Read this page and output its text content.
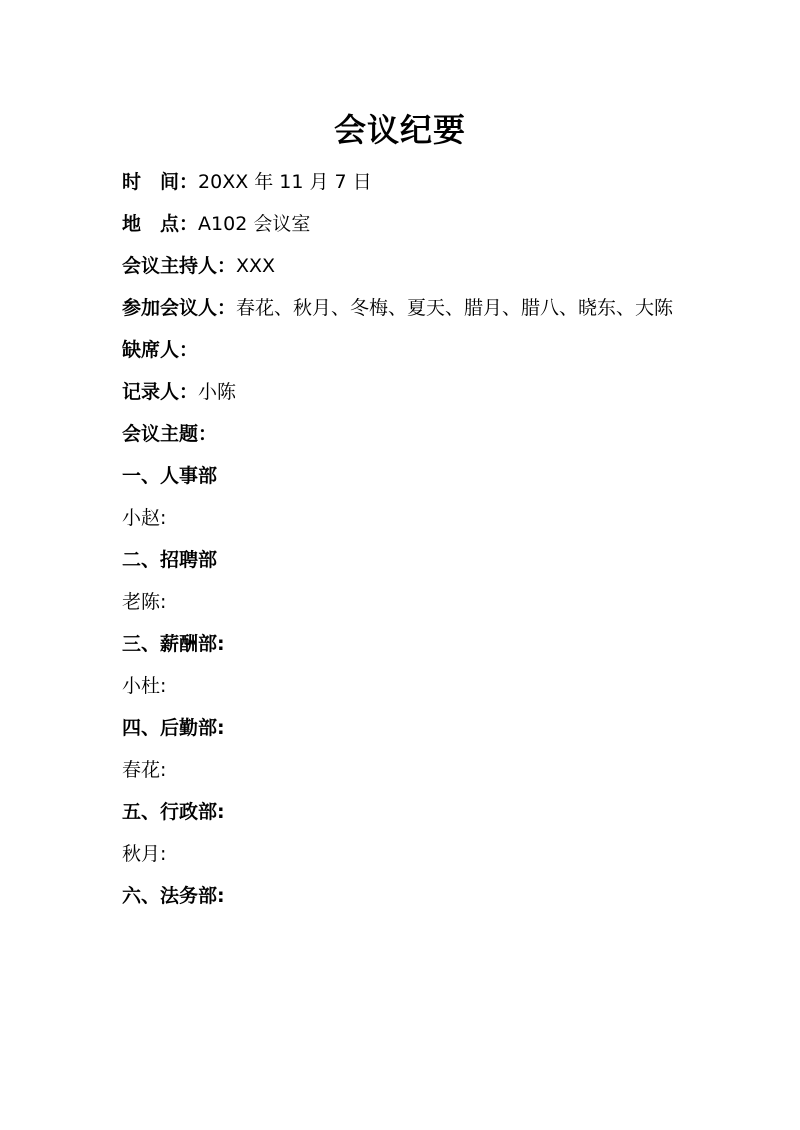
会议纪要
时　间：20XX 年 11 月 7 日
地　点：A102 会议室
会议主持人：XXX
参加会议人：春花、秋月、冬梅、夏天、腊月、腊八、晓东、大陈
缺席人：
记录人：小陈
会议主题：
一、人事部
小赵:
二、招聘部
老陈:
三、薪酬部:
小杜:
四、后勤部:
春花:
五、行政部:
秋月:
六、法务部:
